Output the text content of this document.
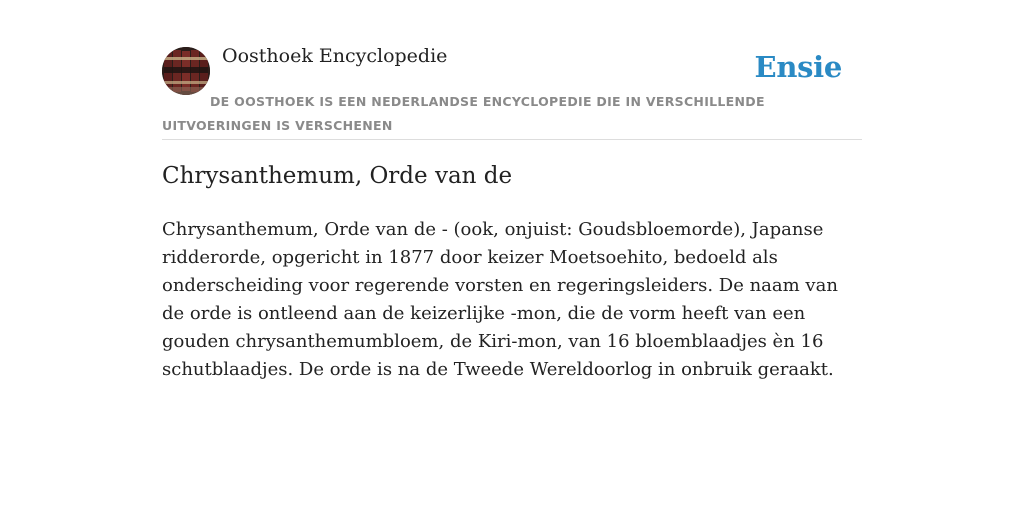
Oosthoek Encyclopedie	Ensie
DE OOSTHOEK IS EEN NEDERLANDSE ENCYCLOPEDIE DIE IN VERSCHILLENDE UITVOERINGEN IS VERSCHENEN
Chrysanthemum, Orde van de

Chrysanthemum, Orde van de - (ook, onjuist: Goudsbloemorde), Japanse ridderorde, opgericht in 1877 door keizer Moetsoehito, bedoeld als onderscheiding voor regerende vorsten en regeringsleiders. De naam van de orde is ontleend aan de keizerlijke -mon, die de vorm heeft van een gouden chrysanthemumbloem, de Kiri-mon, van 16 bloemblaadjes èn 16 schutblaadjes. De orde is na de Tweede Wereldoorlog in onbruik geraakt.
